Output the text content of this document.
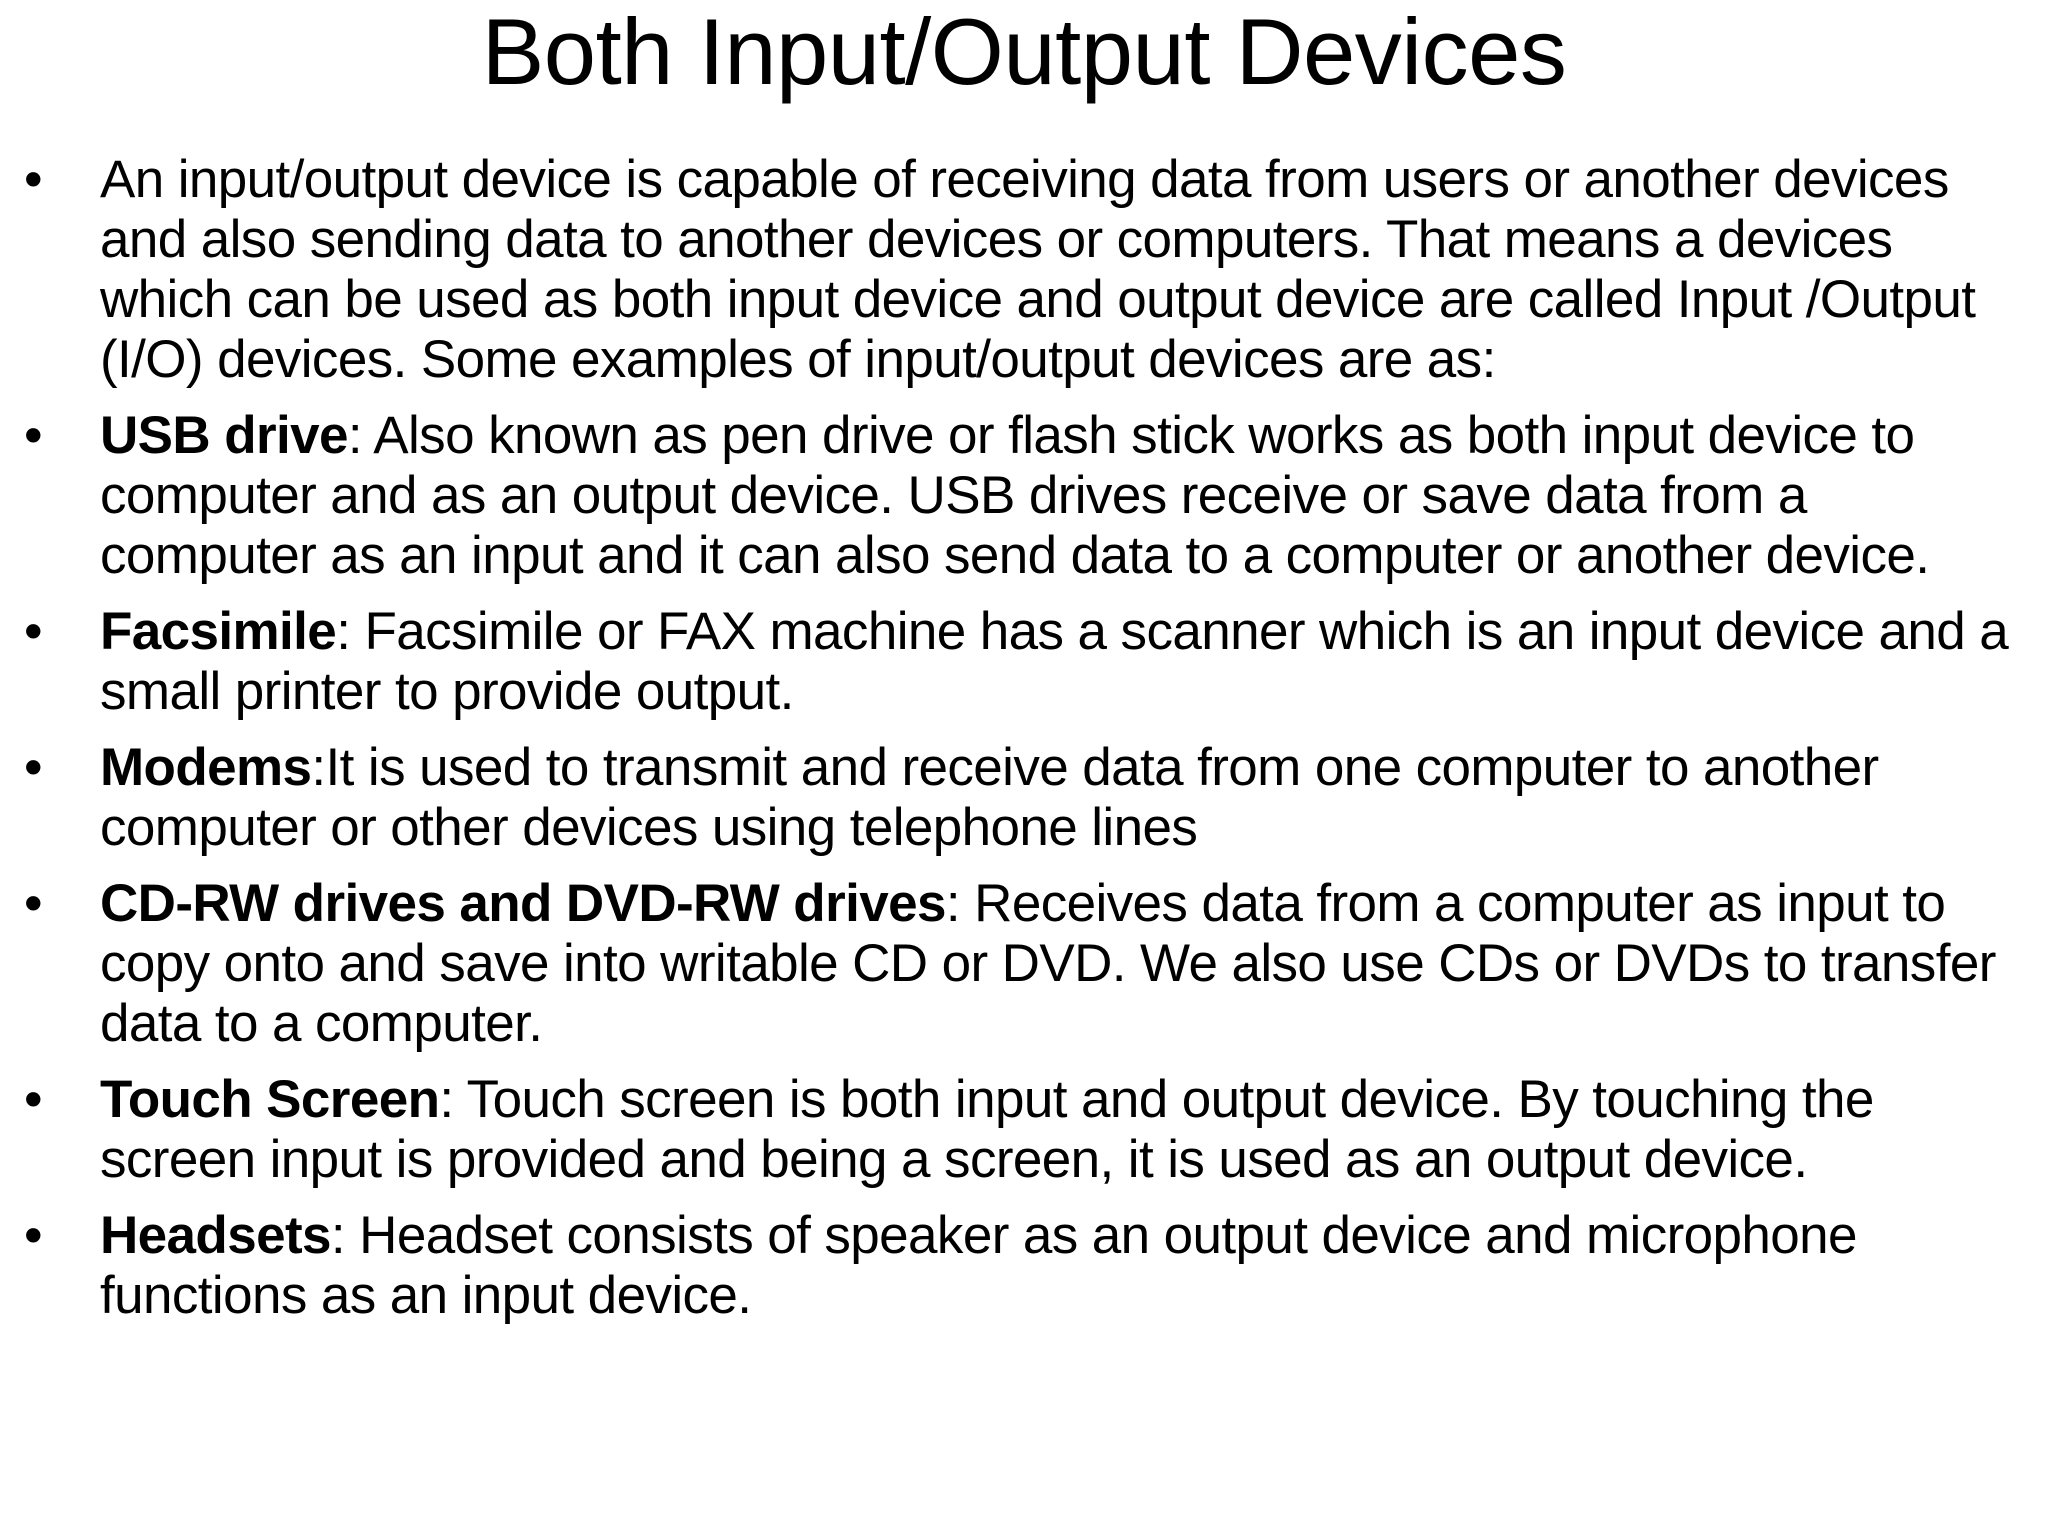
Both Input/Output Devices
• An input/output device is capable of receiving data from users or another devices and also sending data to another devices or computers. That means a devices which can be used as both input device and output device are called Input /Output (I/O) devices. Some examples of input/output devices are as:
• USB drive: Also known as pen drive or flash stick works as both input device to computer and as an output device. USB drives receive or save data from a computer as an input and it can also send data to a computer or another device.
• Facsimile: Facsimile or FAX machine has a scanner which is an input device and a small printer to provide output.
• Modems:It is used to transmit and receive data from one computer to another computer or other devices using telephone lines
• CD-RW drives and DVD-RW drives: Receives data from a computer as input to copy onto and save into writable CD or DVD. We also use CDs or DVDs to transfer data to a computer.
• Touch Screen: Touch screen is both input and output device. By touching the screen input is provided and being a screen, it is used as an output device.
• Headsets: Headset consists of speaker as an output device and microphone functions as an input device.
